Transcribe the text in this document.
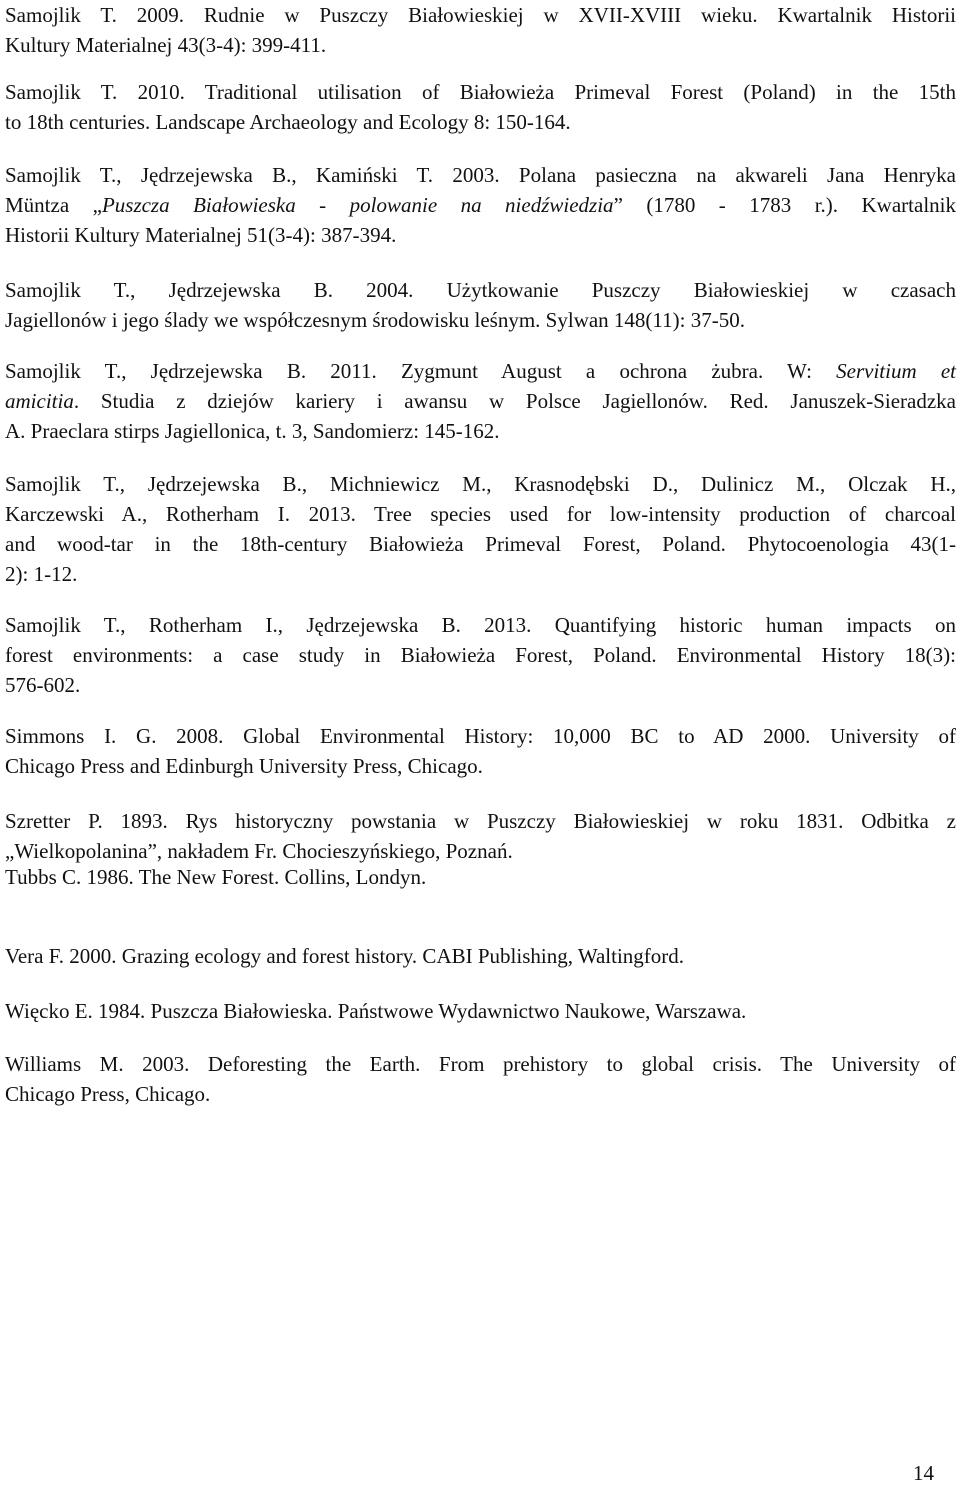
Samojlik T. 2009. Rudnie w Puszczy Białowieskiej w XVII-XVIII wieku. Kwartalnik Historii
Kultury Materialnej 43(3-4): 399-411.
Samojlik T. 2010. Traditional utilisation of Białowieża Primeval Forest (Poland) in the 15th
to 18th centuries. Landscape Archaeology and Ecology 8: 150-164.
Samojlik T., Jędrzejewska B., Kamiński T. 2003. Polana pasieczna na akwareli Jana Henryka
Müntza „Puszcza Białowieska - polowanie na niedźwiedzia” (1780 - 1783 r.). Kwartalnik
Historii Kultury Materialnej 51(3-4): 387-394.
Samojlik T., Jędrzejewska B. 2004. Użytkowanie Puszczy Białowieskiej w czasach
Jagiellonów i jego ślady we współczesnym środowisku leśnym. Sylwan 148(11): 37-50.
Samojlik T., Jędrzejewska B. 2011. Zygmunt August a ochrona żubra. W: Servitium et
amicitia. Studia z dziejów kariery i awansu w Polsce Jagiellonów. Red. Januszek-Sieradzka
A. Praeclara stirps Jagiellonica, t. 3, Sandomierz: 145-162.
Samojlik T., Jędrzejewska B., Michniewicz M., Krasnodębski D., Dulinicz M., Olczak H.,
Karczewski A., Rotherham I. 2013. Tree species used for low-intensity production of charcoal
and wood-tar in the 18th-century Białowieża Primeval Forest, Poland. Phytocoenologia 43(1-
2): 1-12.
Samojlik T., Rotherham I., Jędrzejewska B. 2013. Quantifying historic human impacts on
forest environments: a case study in Białowieża Forest, Poland. Environmental History 18(3):
576-602.
Simmons I. G. 2008. Global Environmental History: 10,000 BC to AD 2000. University of
Chicago Press and Edinburgh University Press, Chicago.
Szretter P. 1893. Rys historyczny powstania w Puszczy Białowieskiej w roku 1831. Odbitka z
„Wielkopolanina”, nakładem Fr. Chocieszyńskiego, Poznań.
Tubbs C. 1986. The New Forest. Collins, Londyn.
Vera F. 2000. Grazing ecology and forest history. CABI Publishing, Waltingford.
Więcko E. 1984. Puszcza Białowieska. Państwowe Wydawnictwo Naukowe, Warszawa.
Williams M. 2003. Deforesting the Earth. From prehistory to global crisis. The University of
Chicago Press, Chicago.
14
